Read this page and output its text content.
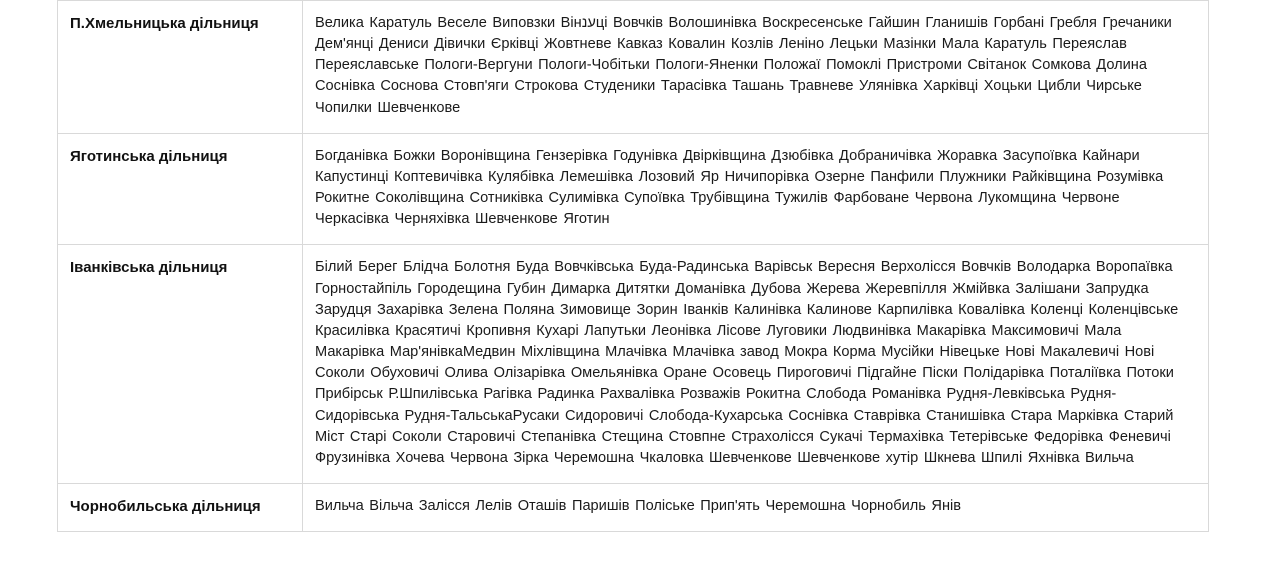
П.Хмельницька дільниця	Велика Каратуль Веселе Виповзки Вінענці Вовчків Волошинівка Воскресенське Гайшин Гланишів Горбані Гребля Гречаники Дем'янці Дениси Дівички Єрківці Жовтневе Кавказ Ковалин Козлів Леніно Лецьки Мазінки Мала Каратуль Переяслав Переяславське Пологи-Вергуни Пологи-Чобітьки Пологи-Яненки Положаї Помоклі Пристроми Світанок Сомкова Долина Соснівка Соснова Стовп'яги Строкова Студеники Тарасівка Ташань Травневе Улянівка Харківці Хоцьки Цибли Чирське Чопилки Шевченкове
Яготинська дільниця	Богданівка Божки Воронівщина Гензерівка Годунівка Двірківщина Дзюбівка Добраничівка Жоравка Засупоївка Кайнари Капустинці Коптевичівка Кулябівка Лемешівка Лозовий Яр Ничипорівка Озерне Панфили Плужники Райківщина Розумівка Рокитне Соколівщина Сотниківка Сулимівка Супоївка Трубівщина Тужилів Фарбоване Червона Лукомщина Червоне Черкасівка Черняхівка Шевченкове Яготин
Іванківська дільниця	Білий Берег Блідча Болотня Буда Вовчківська Буда-Радинська Варівськ Вересня Верхолісся Вовчків Володарка Воропаївка Горностайпіль Городещина Губин Димарка Дитятки Доманівка Дубова Жерева Жеревпілля Жмійвка Залішани Запрудка Зарудця Захарівка Зелена Поляна Зимовище Зорин Іванків Калинівка Калинове Карпилівка Ковалівка Коленці Коленцівське Красилівка Красятичі Кропивня Кухарі Лапутьки Леонівка Лісове Луговики Людвинівка Макарівка Максимовичі Мала Макарівка Мар'янівкаМедвин Міхлівщина Млачівка Млачівка завод Мокра Корма Мусійки Нівецьке Нові Макалевичі Нові Соколи Обуховичі Олива Олізарівка Омельянівка Оране Осовець Пироговичі Підгайне Піски Полідарівка Поталіївка Потоки Прибірськ Р.Шпилівська Рагівка Радинка Рахвалівка Розважів Рокитна Слобода Романівка Рудня-Левківська Рудня-Сидорівська Рудня-ТальськаРусаки Сидоровичі Слобода-Кухарська Соснівка Ставрівка Станишівка Стара Марківка Старий Міст Старі Соколи Старовичі Степанівка Стещина Стовпне Страхолісся Сукачі Термахівка Тетерівське Федорівка Феневичі Фрузинівка Хочева Червона Зірка Черемошна Чкаловка Шевченкове Шевченкове хутір Шкнева Шпилі Яхнівка Вильча
Чорнобильська дільниця	Вильча Вільча Залісся Лелів Оташів Паришів Поліське Прип'ять Черемошна Чорнобиль Янів
